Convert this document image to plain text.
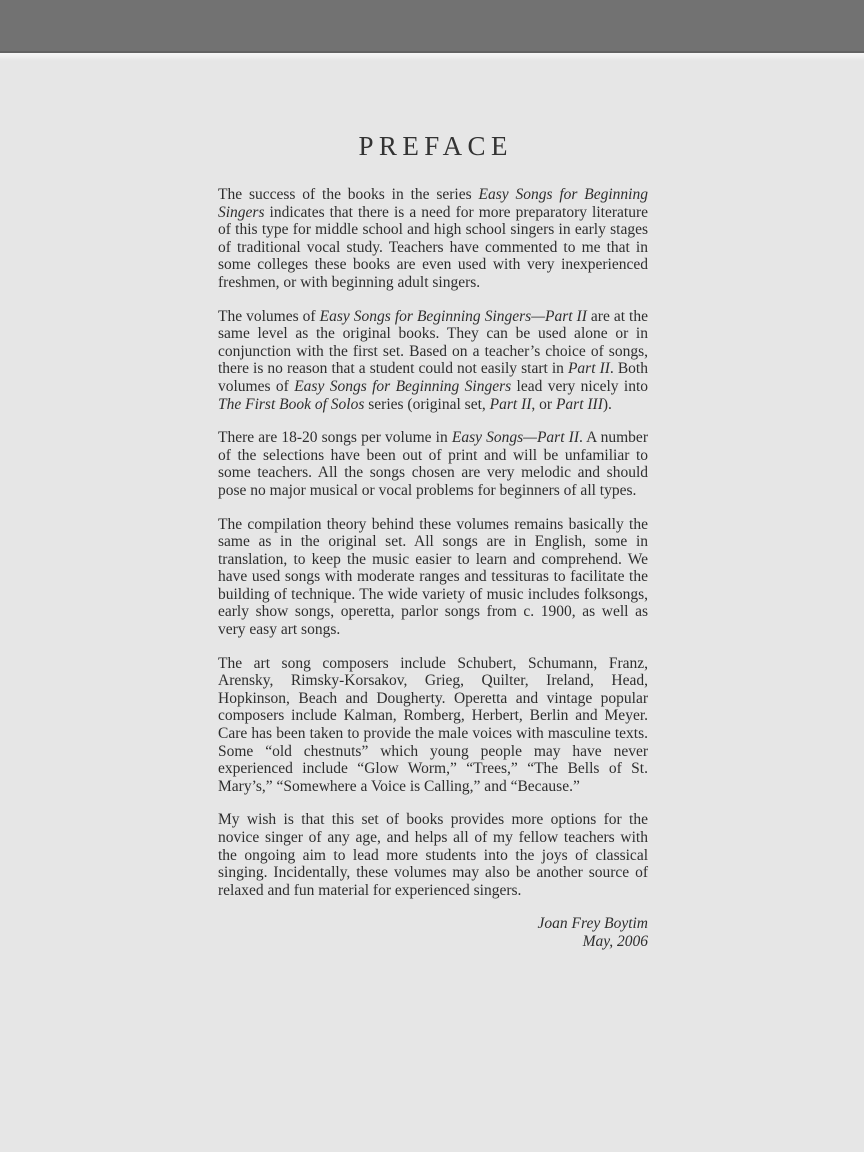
PREFACE

The success of the books in the series Easy Songs for Beginning Singers indicates that there is a need for more preparatory literature of this type for middle school and high school singers in early stages of traditional vocal study. Teachers have commented to me that in some colleges these books are even used with very inexperienced freshmen, or with beginning adult singers.

The volumes of Easy Songs for Beginning Singers—Part II are at the same level as the original books. They can be used alone or in conjunction with the first set. Based on a teacher’s choice of songs, there is no reason that a student could not easily start in Part II. Both volumes of Easy Songs for Beginning Singers lead very nicely into The First Book of Solos series (original set, Part II, or Part III).

There are 18-20 songs per volume in Easy Songs—Part II. A number of the selections have been out of print and will be unfamiliar to some teachers. All the songs chosen are very melodic and should pose no major musical or vocal problems for beginners of all types.

The compilation theory behind these volumes remains basically the same as in the original set. All songs are in English, some in translation, to keep the music easier to learn and comprehend. We have used songs with moderate ranges and tessituras to facilitate the building of technique. The wide variety of music includes folksongs, early show songs, operetta, parlor songs from c. 1900, as well as very easy art songs.

The art song composers include Schubert, Schumann, Franz, Arensky, Rimsky-Korsakov, Grieg, Quilter, Ireland, Head, Hopkinson, Beach and Dougherty. Operetta and vintage popular composers include Kalman, Romberg, Herbert, Berlin and Meyer. Care has been taken to provide the male voices with masculine texts. Some “old chestnuts” which young people may have never experienced include “Glow Worm,” “Trees,” “The Bells of St. Mary’s,” “Somewhere a Voice is Calling,” and “Because.”

My wish is that this set of books provides more options for the novice singer of any age, and helps all of my fellow teachers with the ongoing aim to lead more students into the joys of classical singing. Incidentally, these volumes may also be another source of relaxed and fun material for experienced singers.

Joan Frey Boytim
May, 2006
